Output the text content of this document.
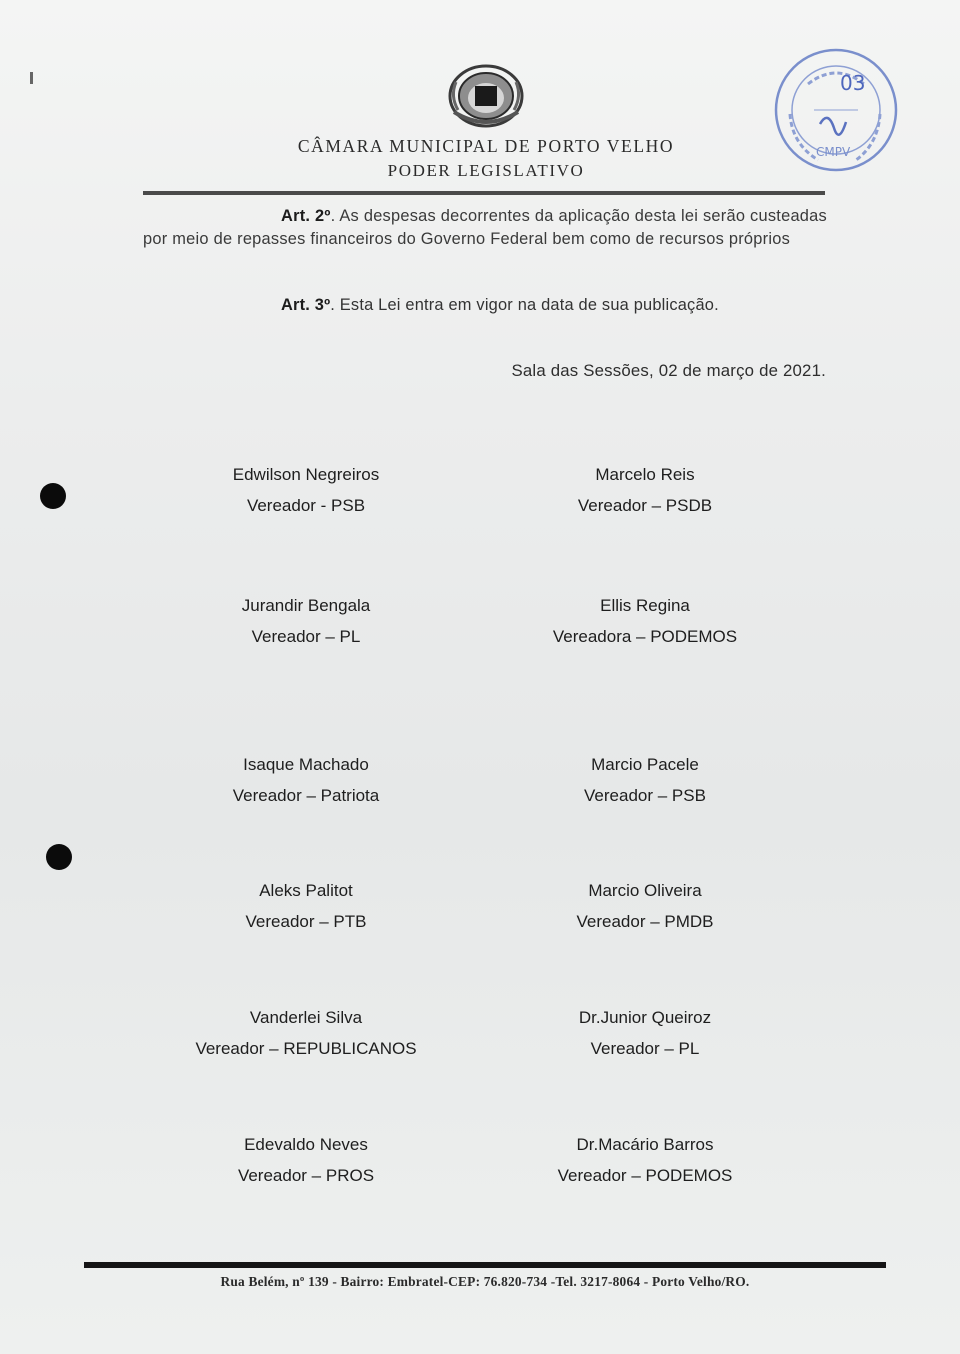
03
CMPV
CÂMARA MUNICIPAL DE PORTO VELHO
PODER LEGISLATIVO
Art. 2º. As despesas decorrentes da aplicação desta lei serão custeadas por meio de repasses financeiros do Governo Federal bem como de recursos próprios
Art. 3º. Esta Lei entra em vigor na data de sua publicação.
Sala das Sessões, 02 de março de 2021.
Edwilson Negreiros
Vereador - PSB
Marcelo Reis
Vereador – PSDB
Jurandir Bengala
Vereador – PL
Ellis Regina
Vereadora – PODEMOS
Isaque Machado
Vereador – Patriota
Marcio Pacele
Vereador – PSB
Aleks Palitot
Vereador – PTB
Marcio Oliveira
Vereador – PMDB
Vanderlei Silva
Vereador – REPUBLICANOS
Dr.Junior Queiroz
Vereador – PL
Edevaldo Neves
Vereador – PROS
Dr.Macário Barros
Vereador – PODEMOS
Rua Belém, nº 139 - Bairro: Embratel-CEP: 76.820-734 -Tel. 3217-8064 - Porto Velho/RO.
